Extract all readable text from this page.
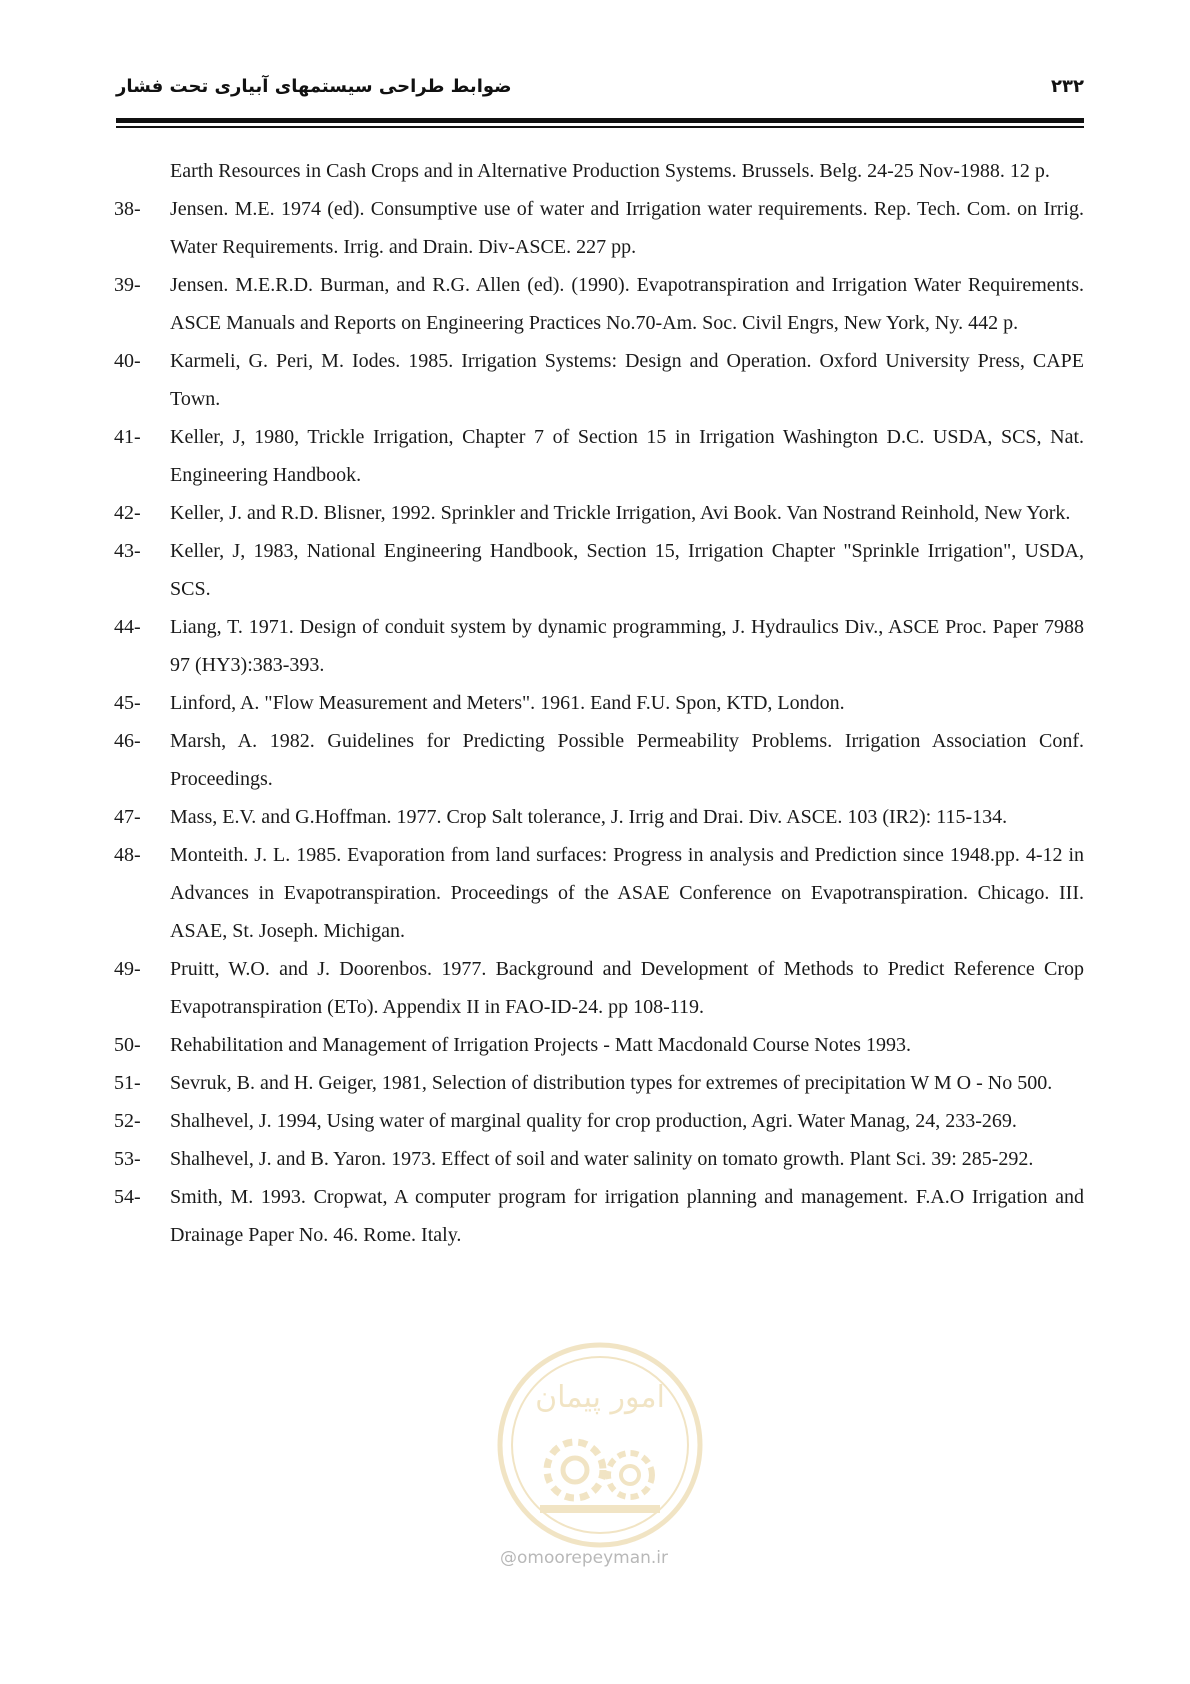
۲۳۲
ضوابط طراحی سیستمهای آبیاری تحت فشار
Earth Resources in Cash Crops and in Alternative Production Systems. Brussels. Belg. 24-25 Nov-1988. 12 p.
38- Jensen. M.E. 1974 (ed). Consumptive use of water and Irrigation water requirements. Rep. Tech. Com. on Irrig. Water Requirements. Irrig. and Drain. Div-ASCE. 227 pp.
39- Jensen. M.E.R.D. Burman, and R.G. Allen (ed). (1990). Evapotranspiration and Irrigation Water Requirements. ASCE Manuals and Reports on Engineering Practices No.70-Am. Soc. Civil Engrs, New York, Ny. 442 p.
40- Karmeli, G. Peri, M. Iodes. 1985. Irrigation Systems: Design and Operation. Oxford University Press, CAPE Town.
41- Keller, J, 1980, Trickle Irrigation, Chapter 7 of Section 15 in Irrigation Washington D.C. USDA, SCS, Nat. Engineering Handbook.
42- Keller, J. and R.D. Blisner, 1992. Sprinkler and Trickle Irrigation, Avi Book. Van Nostrand Reinhold, New York.
43- Keller, J, 1983, National Engineering Handbook, Section 15, Irrigation Chapter "Sprinkle Irrigation", USDA, SCS.
44- Liang, T. 1971. Design of conduit system by dynamic programming, J. Hydraulics Div., ASCE Proc. Paper 7988 97 (HY3):383-393.
45- Linford, A. "Flow Measurement and Meters". 1961. Eand F.U. Spon, KTD, London.
46- Marsh, A. 1982. Guidelines for Predicting Possible Permeability Problems. Irrigation Association Conf. Proceedings.
47- Mass, E.V. and G.Hoffman. 1977. Crop Salt tolerance, J. Irrig and Drai. Div. ASCE. 103 (IR2): 115-134.
48- Monteith. J. L. 1985. Evaporation from land surfaces: Progress in analysis and Prediction since 1948.pp. 4-12 in Advances in Evapotranspiration. Proceedings of the ASAE Conference on Evapotranspiration. Chicago. III. ASAE, St. Joseph. Michigan.
49- Pruitt, W.O. and J. Doorenbos. 1977. Background and Development of Methods to Predict Reference Crop Evapotranspiration (ETo). Appendix II in FAO-ID-24. pp 108-119.
50- Rehabilitation and Management of Irrigation Projects - Matt Macdonald Course Notes 1993.
51- Sevruk, B. and H. Geiger, 1981, Selection of distribution types for extremes of precipitation W M O - No 500.
52- Shalhevel, J. 1994, Using water of marginal quality for crop production, Agri. Water Manag, 24, 233-269.
53- Shalhevel, J. and B. Yaron. 1973. Effect of soil and water salinity on tomato growth. Plant Sci. 39: 285-292.
54- Smith, M. 1993. Cropwat, A computer program for irrigation planning and management. F.A.O Irrigation and Drainage Paper No. 46. Rome. Italy.
امور پیمان
@omoorepeyman.ir
